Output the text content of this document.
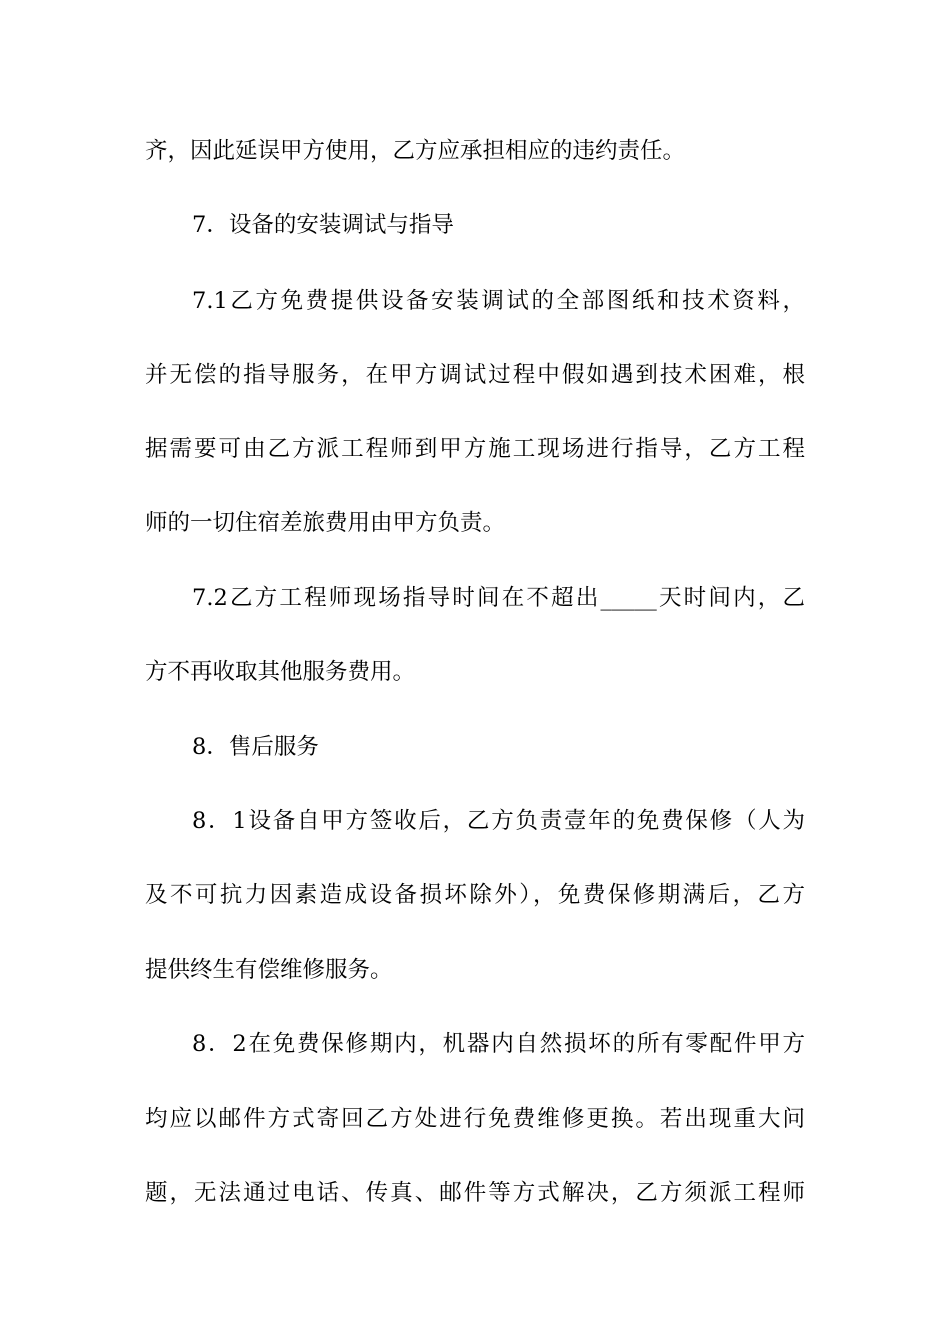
齐，因此延误甲方使用，乙方应承担相应的违约责任。
7．设备的安装调试与指导
7.1乙方免费提供设备安装调试的全部图纸和技术资料，
并无偿的指导服务，在甲方调试过程中假如遇到技术困难，根
据需要可由乙方派工程师到甲方施工现场进行指导，乙方工程
师的一切住宿差旅费用由甲方负责。
7.2乙方工程师现场指导时间在不超出_____天时间内，乙
方不再收取其他服务费用。
8．售后服务
8．1设备自甲方签收后，乙方负责壹年的免费保修（人为
及不可抗力因素造成设备损坏除外），免费保修期满后，乙方
提供终生有偿维修服务。
8．2在免费保修期内，机器内自然损坏的所有零配件甲方
均应以邮件方式寄回乙方处进行免费维修更换。若出现重大问
题，无法通过电话、传真、邮件等方式解决，乙方须派工程师
